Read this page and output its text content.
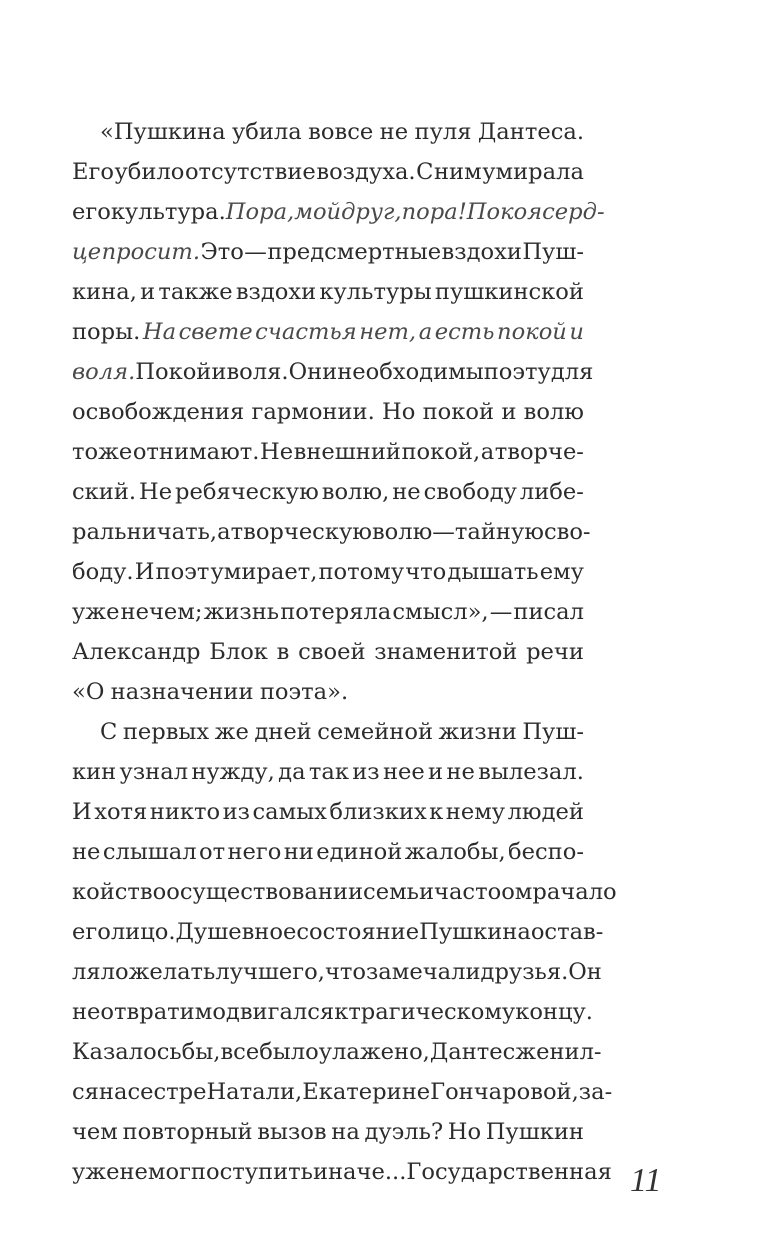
«Пушкина убила вовсе не пуля Дантеса.
Его убило отсутствие воздуха. С ним умирала
его культура. Пора, мой друг, пора! Покоя серд-
це просит. Это — предсмертные вздохи Пуш-
кина, и также вздохи культуры пушкинской
поры. На свете счастья нет, а есть покой и
воля. Покой и воля. Они необходимы поэту для
освобождения гармонии. Но покой и волю
тоже отнимают. Не внешний покой, а творче-
ский. Не ребяческую волю, не свободу либе-
ральничать, а творческую волю — тайную сво-
боду. И поэт умирает, потому что дышать ему
уже нечем; жизнь потеряла смысл», — писал
Александр Блок в своей знаменитой речи
«О назначении поэта».
С первых же дней семейной жизни Пуш-
кин узнал нужду, да так из нее и не вылезал.
И хотя никто из самых близких к нему людей
не слышал от него ни единой жалобы, беспо-
койство о существовании семьи часто омрачало
его лицо. Душевное состояние Пушкина остав-
ляло желать лучшего, что замечали друзья. Он
неотвратимо двигался к трагическому концу.
Казалось бы, все было улажено, Дантес женил-
ся на сестре Натали, Екатерине Гончаровой, за-
чем повторный вызов на дуэль? Но Пушкин
уже не мог поступить иначе... Государственная 11
